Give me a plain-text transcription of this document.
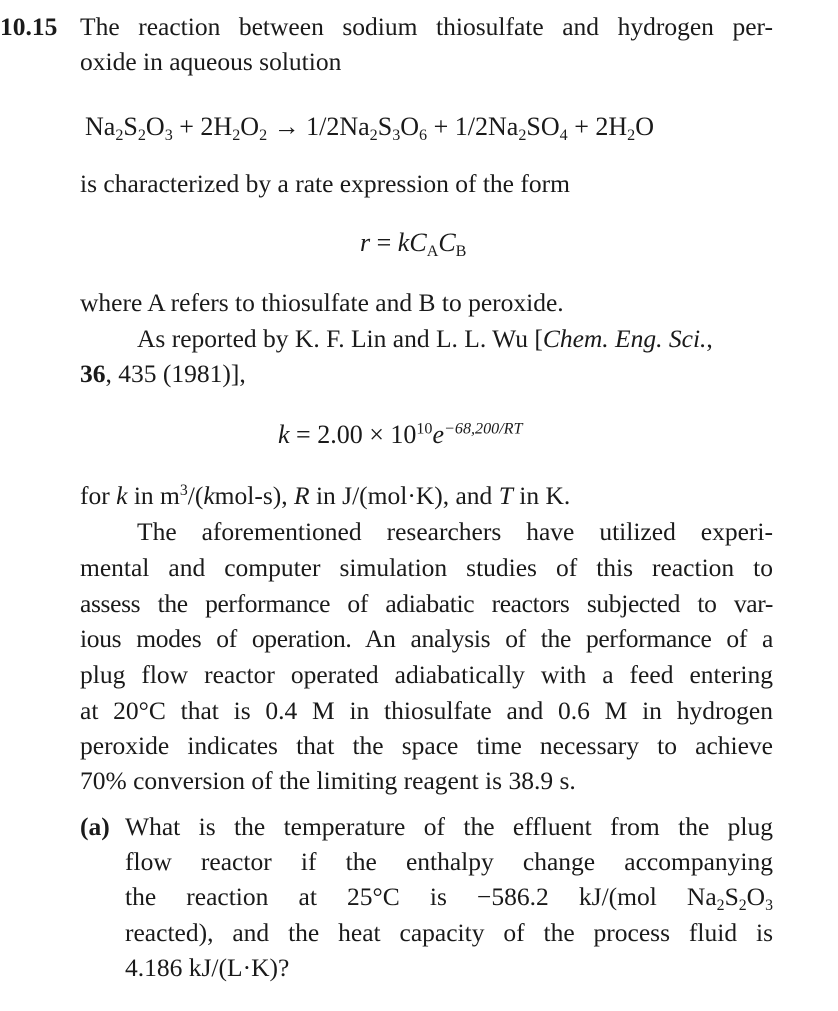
10.15 The reaction between sodium thiosulfate and hydrogen per-
oxide in aqueous solution
$Na_2S_2O_3 + 2H_2O_2 \to 1/2Na_2S_3O_6 + 1/2Na_2SO_4 + 2H_2O$
is characterized by a rate expression of the form
$r = kC_AC_B$
where A refers to thiosulfate and B to peroxide.
As reported by K. F. Lin and L. L. Wu [Chem. Eng. Sci.,
36, 435 (1981)],
$k = 2.00 \times 10^{10}e^{-68,200/RT}$
for k in $m^3/(kmol-s)$, R in J/(mol·K), and T in K.
The aforementioned researchers have utilized experi-
mental and computer simulation studies of this reaction to
assess the performance of adiabatic reactors subjected to var-
ious modes of operation. An analysis of the performance of a
plug flow reactor operated adiabatically with a feed entering
at 20°C that is 0.4 M in thiosulfate and 0.6 M in hydrogen
peroxide indicates that the space time necessary to achieve
70% conversion of the limiting reagent is 38.9 s.
(a) What is the temperature of the effluent from the plug
flow reactor if the enthalpy change accompanying
the reaction at 25°C is −586.2 kJ/(mol $Na_2S_2O_3$
reacted), and the heat capacity of the process fluid is
4.186 kJ/(L·K)?
